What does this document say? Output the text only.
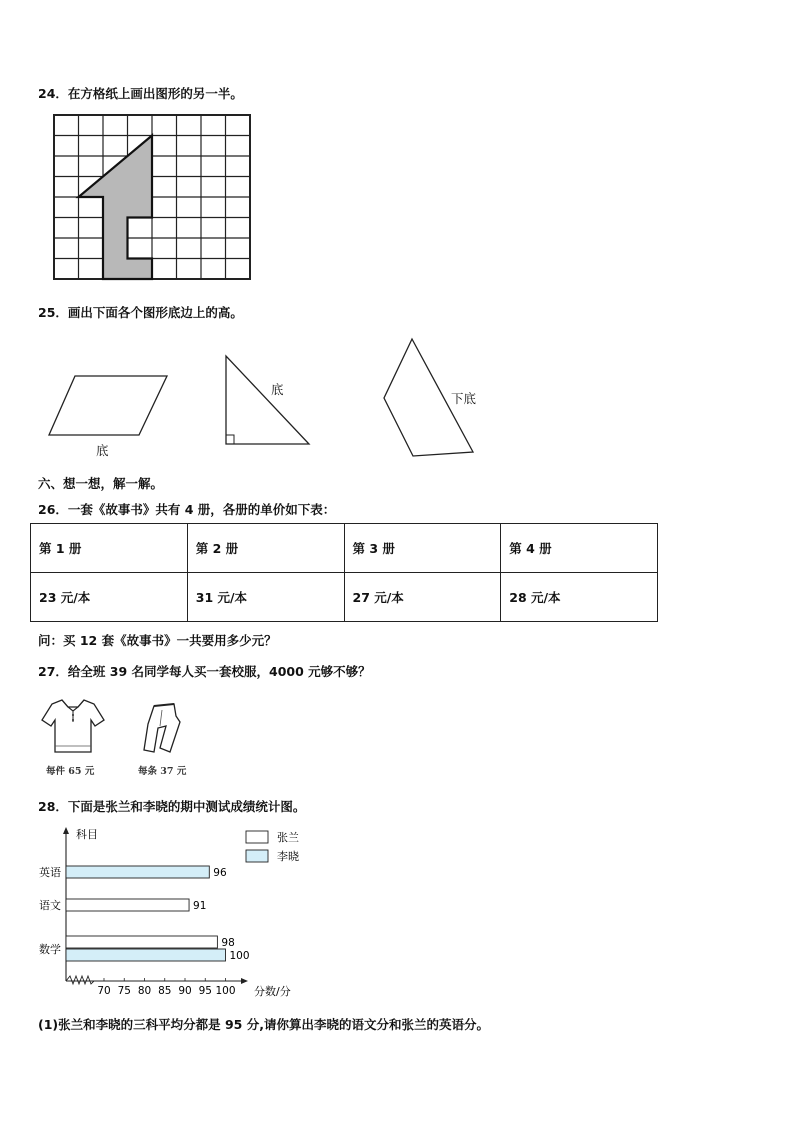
24．在方格纸上画出图形的另一半。
25．画出下面各个图形底边上的高。
底
底
下底
六、想一想，解一解。
26．一套《故事书》共有 4 册，各册的单价如下表：
第 1 册	第 2 册	第 3 册	第 4 册
23 元/本	31 元/本	27 元/本	28 元/本
问：买 12 套《故事书》一共要用多少元？
27．给全班 39 名同学每人买一套校服，4000 元够不够？
每件 65 元	每条 37 元
28．下面是张兰和李晓的期中测试成绩统计图。
科目
分数/分
张兰
李晓
70 75 80 85 90 95 100
英语	96
语文	91
数学	98
100
(1)张兰和李晓的三科平均分都是 95 分,请你算出李晓的语文分和张兰的英语分。
